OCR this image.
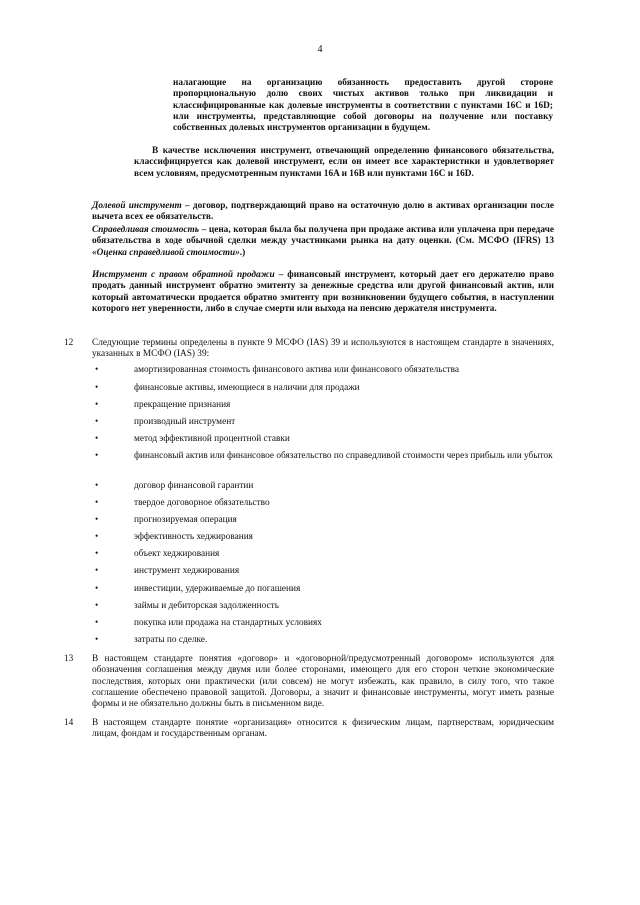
4
налагающие на организацию обязанность предоставить другой стороне пропорциональную долю своих чистых активов только при ликвидации и классифицированные как долевые инструменты в соответствии с пунктами 16C и 16D; или инструменты, представляющие собой договоры на получение или поставку собственных долевых инструментов организации в будущем.
В качестве исключения инструмент, отвечающий определению финансового обязательства, классифицируется как долевой инструмент, если он имеет все характеристики и удовлетворяет всем условиям, предусмотренным пунктами 16A и 16B или пунктами 16C и 16D.
Долевой инструмент – договор, подтверждающий право на остаточную долю в активах организации после вычета всех ее обязательств.
Справедливая стоимость – цена, которая была бы получена при продаже актива или уплачена при передаче обязательства в ходе обычной сделки между участниками рынка на дату оценки. (См. МСФО (IFRS) 13 «Оценка справедливой стоимости».)
Инструмент с правом обратной продажи – финансовый инструмент, который дает его держателю право продать данный инструмент обратно эмитенту за денежные средства или другой финансовый актив, или который автоматически продается обратно эмитенту при возникновении будущего события, в наступлении которого нет уверенности, либо в случае смерти или выхода на пенсию держателя инструмента.
12 Следующие термины определены в пункте 9 МСФО (IAS) 39 и используются в настоящем стандарте в значениях, указанных в МСФО (IAS) 39:
•	амортизированная стоимость финансового актива или финансового обязательства
•	финансовые активы, имеющиеся в наличии для продажи
•	прекращение признания
•	производный инструмент
•	метод эффективной процентной ставки
•	финансовый актив или финансовое обязательство по справедливой стоимости через прибыль или убыток
•	договор финансовой гарантии
•	твердое договорное обязательство
•	прогнозируемая операция
•	эффективность хеджирования
•	объект хеджирования
•	инструмент хеджирования
•	инвестиции, удерживаемые до погашения
•	займы и дебиторская задолженность
•	покупка или продажа на стандартных условиях
•	затраты по сделке.
13 В настоящем стандарте понятия «договор» и «договорной/предусмотренный договором» используются для обозначения соглашения между двумя или более сторонами, имеющего для его сторон четкие экономические последствия, которых они практически (или совсем) не могут избежать, как правило, в силу того, что такое соглашение обеспечено правовой защитой. Договоры, а значит и финансовые инструменты, могут иметь разные формы и не обязательно должны быть в письменном виде.
14 В настоящем стандарте понятие «организация» относится к физическим лицам, партнерствам, юридическим лицам, фондам и государственным органам.
